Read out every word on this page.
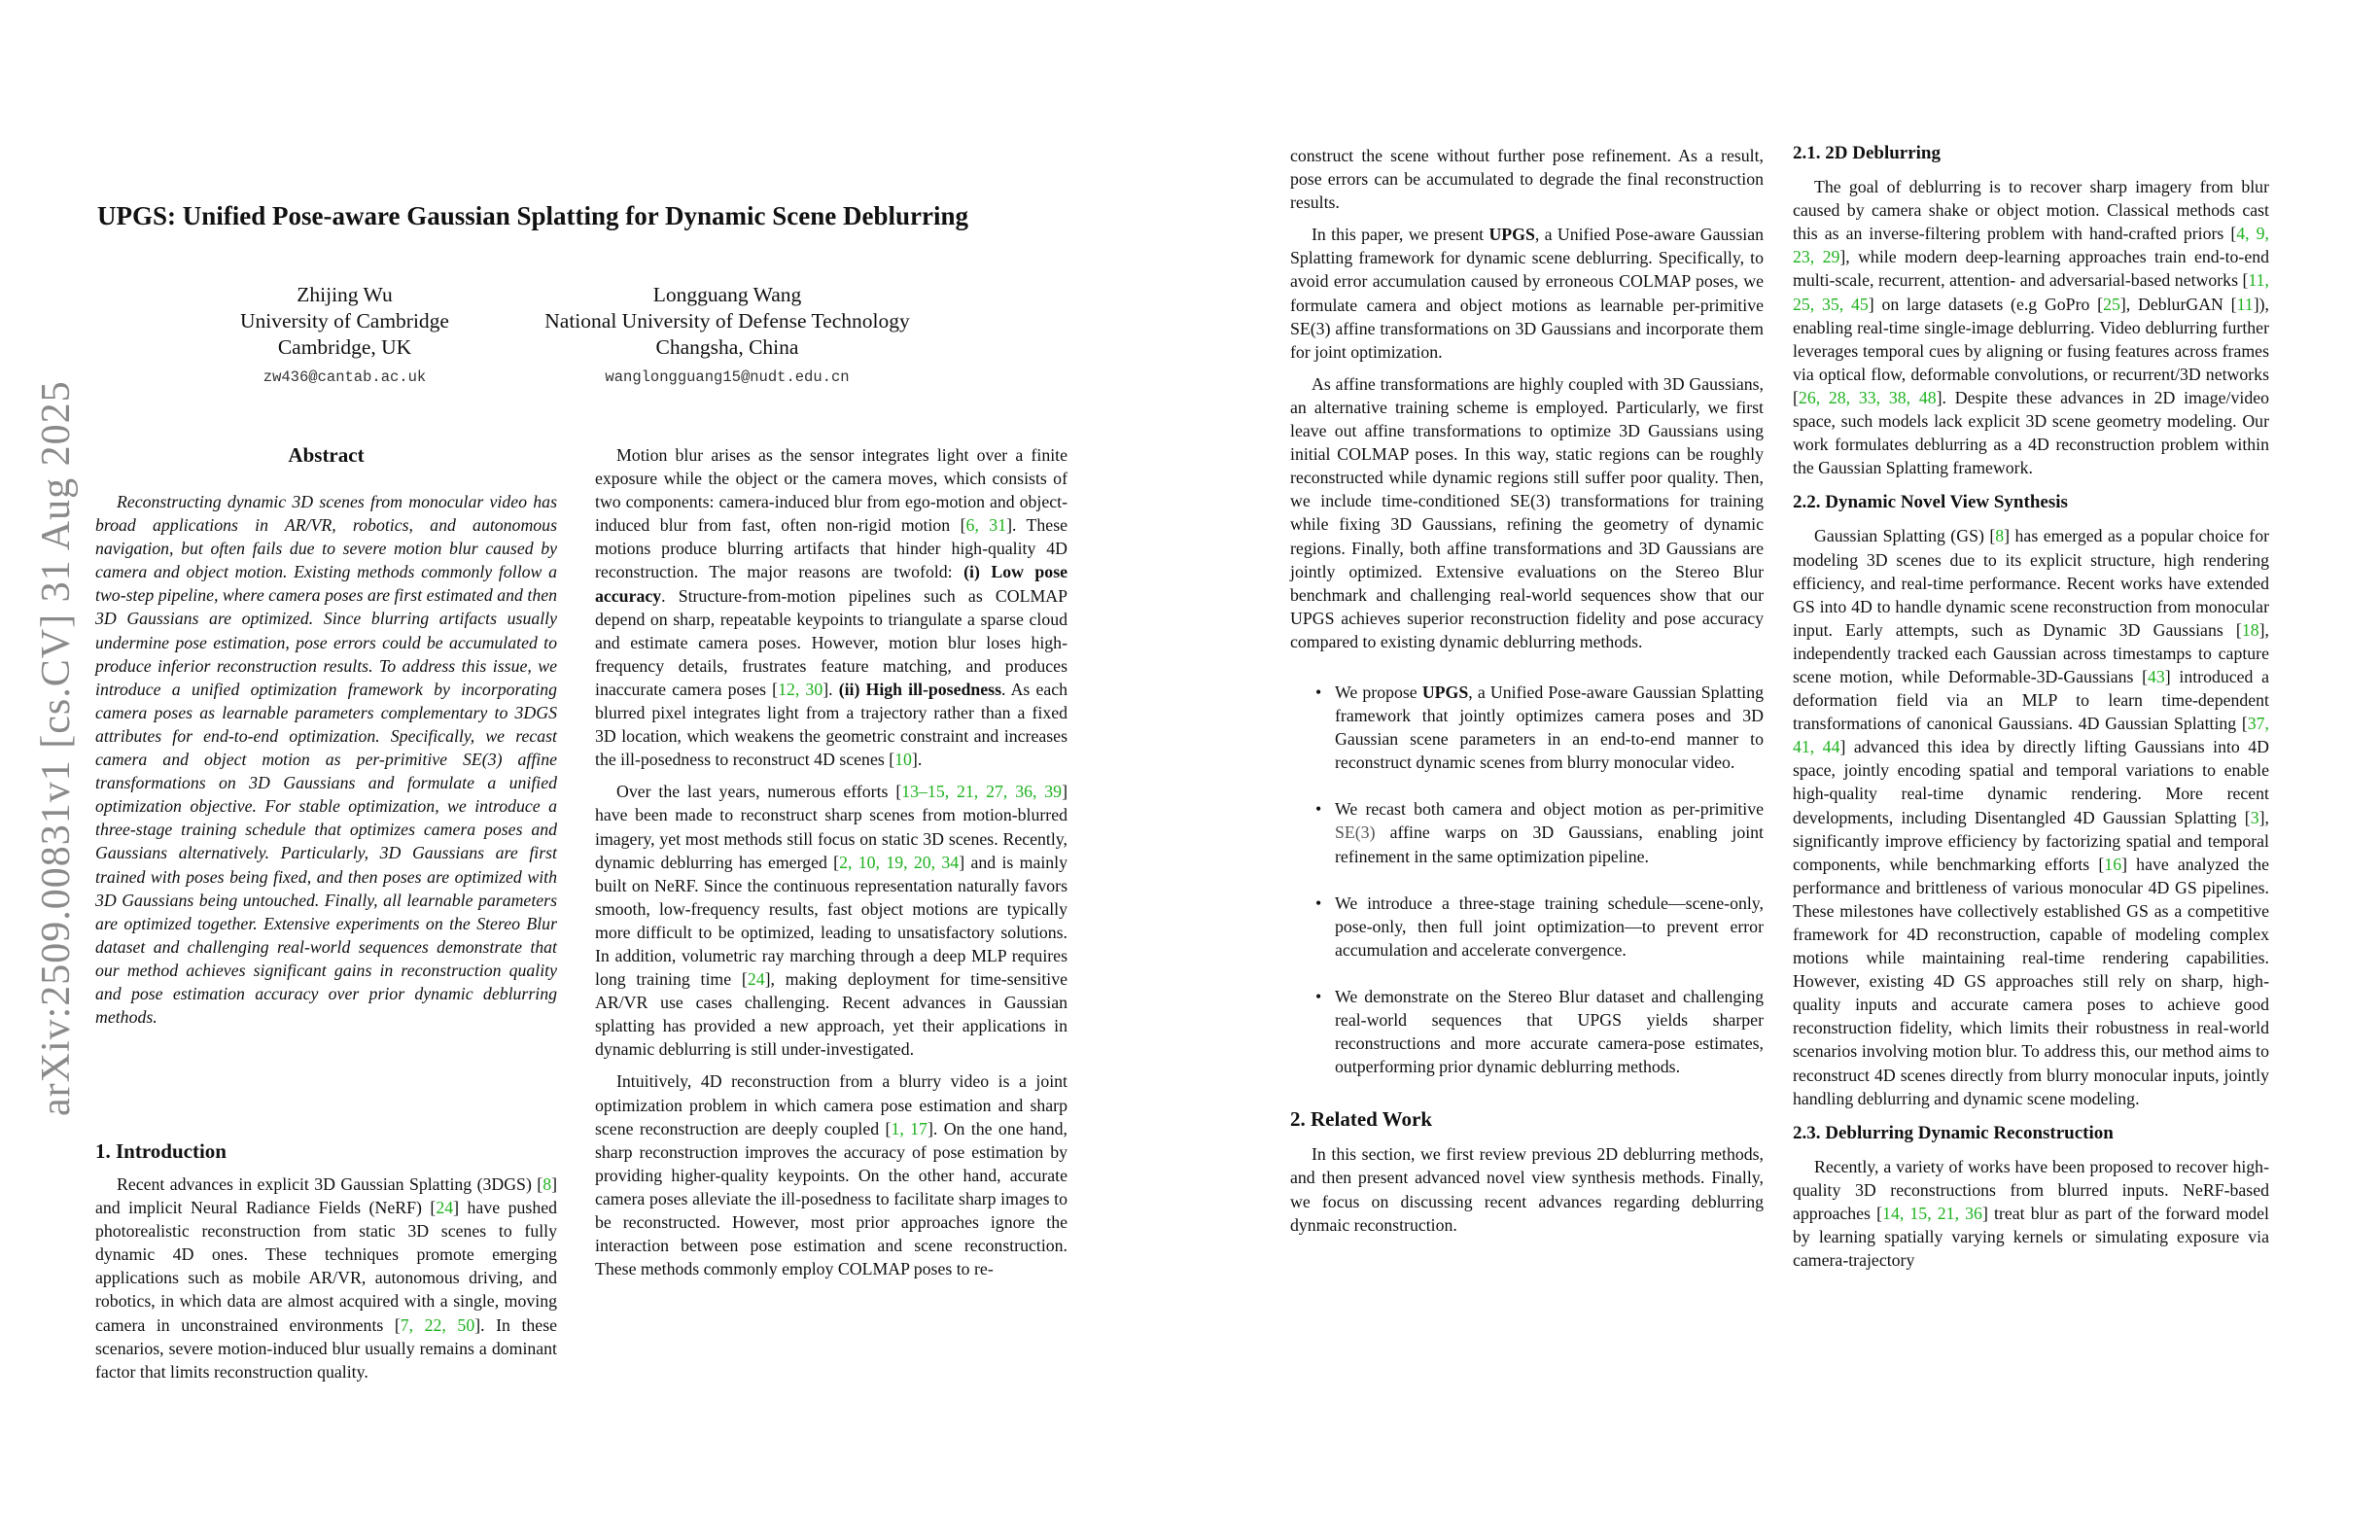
arXiv:2509.00831v1 [cs.CV] 31 Aug 2025
UPGS: Unified Pose-aware Gaussian Splatting for Dynamic Scene Deblurring
Zhijing Wu
University of Cambridge
Cambridge, UK
zw436@cantab.ac.uk
Longguang Wang
National University of Defense Technology
Changsha, China
wanglongguang15@nudt.edu.cn
Abstract

Reconstructing dynamic 3D scenes from monocular video has broad applications in AR/VR, robotics, and autonomous navigation, but often fails due to severe motion blur caused by camera and object motion. Existing methods commonly follow a two-step pipeline, where camera poses are first estimated and then 3D Gaussians are optimized. Since blurring artifacts usually undermine pose estimation, pose errors could be accumulated to produce inferior reconstruction results. To address this issue, we introduce a unified optimization framework by incorporating camera poses as learnable parameters complementary to 3DGS attributes for end-to-end optimization. Specifically, we recast camera and object motion as per-primitive SE(3) affine transformations on 3D Gaussians and formulate a unified optimization objective. For stable optimization, we introduce a three-stage training schedule that optimizes camera poses and Gaussians alternatively. Particularly, 3D Gaussians are first trained with poses being fixed, and then poses are optimized with 3D Gaussians being untouched. Finally, all learnable parameters are optimized together. Extensive experiments on the Stereo Blur dataset and challenging real-world sequences demonstrate that our method achieves significant gains in reconstruction quality and pose estimation accuracy over prior dynamic deblurring methods.

1. Introduction

Recent advances in explicit 3D Gaussian Splatting (3DGS) [8] and implicit Neural Radiance Fields (NeRF) [24] have pushed photorealistic reconstruction from static 3D scenes to fully dynamic 4D ones. These techniques promote emerging applications such as mobile AR/VR, autonomous driving, and robotics, in which data are almost acquired with a single, moving camera in unconstrained environments [7, 22, 50]. In these scenarios, severe motion-induced blur usually remains a dominant factor that limits reconstruction quality.

Motion blur arises as the sensor integrates light over a finite exposure while the object or the camera moves, which consists of two components: camera-induced blur from ego-motion and object-induced blur from fast, often non-rigid motion [6, 31]. These motions produce blurring artifacts that hinder high-quality 4D reconstruction. The major reasons are twofold: (i) Low pose accuracy. Structure-from-motion pipelines such as COLMAP depend on sharp, repeatable keypoints to triangulate a sparse cloud and estimate camera poses. However, motion blur loses high-frequency details, frustrates feature matching, and produces inaccurate camera poses [12, 30]. (ii) High ill-posedness. As each blurred pixel integrates light from a trajectory rather than a fixed 3D location, which weakens the geometric constraint and increases the ill-posedness to reconstruct 4D scenes [10].

Over the last years, numerous efforts [13–15, 21, 27, 36, 39] have been made to reconstruct sharp scenes from motion-blurred imagery, yet most methods still focus on static 3D scenes. Recently, dynamic deblurring has emerged [2, 10, 19, 20, 34] and is mainly built on NeRF. Since the continuous representation naturally favors smooth, low-frequency results, fast object motions are typically more difficult to be optimized, leading to unsatisfactory solutions. In addition, volumetric ray marching through a deep MLP requires long training time [24], making deployment for time-sensitive AR/VR use cases challenging. Recent advances in Gaussian splatting has provided a new approach, yet their applications in dynamic deblurring is still under-investigated.

Intuitively, 4D reconstruction from a blurry video is a joint optimization problem in which camera pose estimation and sharp scene reconstruction are deeply coupled [1, 17]. On the one hand, sharp reconstruction improves the accuracy of pose estimation by providing higher-quality keypoints. On the other hand, accurate camera poses alleviate the ill-posedness to facilitate sharp images to be reconstructed. However, most prior approaches ignore the interaction between pose estimation and scene reconstruction. These methods commonly employ COLMAP poses to re-

construct the scene without further pose refinement. As a result, pose errors can be accumulated to degrade the final reconstruction results.

In this paper, we present UPGS, a Unified Pose-aware Gaussian Splatting framework for dynamic scene deblurring. Specifically, to avoid error accumulation caused by erroneous COLMAP poses, we formulate camera and object motions as learnable per-primitive SE(3) affine transformations on 3D Gaussians and incorporate them for joint optimization.

As affine transformations are highly coupled with 3D Gaussians, an alternative training scheme is employed. Particularly, we first leave out affine transformations to optimize 3D Gaussians using initial COLMAP poses. In this way, static regions can be roughly reconstructed while dynamic regions still suffer poor quality. Then, we include time-conditioned SE(3) transformations for training while fixing 3D Gaussians, refining the geometry of dynamic regions. Finally, both affine transformations and 3D Gaussians are jointly optimized. Extensive evaluations on the Stereo Blur benchmark and challenging real-world sequences show that our UPGS achieves superior reconstruction fidelity and pose accuracy compared to existing dynamic deblurring methods.

• We propose UPGS, a Unified Pose-aware Gaussian Splatting framework that jointly optimizes camera poses and 3D Gaussian scene parameters in an end-to-end manner to reconstruct dynamic scenes from blurry monocular video.
• We recast both camera and object motion as per-primitive SE(3) affine warps on 3D Gaussians, enabling joint refinement in the same optimization pipeline.
• We introduce a three-stage training schedule—scene-only, pose-only, then full joint optimization—to prevent error accumulation and accelerate convergence.
• We demonstrate on the Stereo Blur dataset and challenging real-world sequences that UPGS yields sharper reconstructions and more accurate camera-pose estimates, outperforming prior dynamic deblurring methods.
2. Related Work

In this section, we first review previous 2D deblurring methods, and then present advanced novel view synthesis methods. Finally, we focus on discussing recent advances regarding deblurring dynmaic reconstruction.

2.1. 2D Deblurring

The goal of deblurring is to recover sharp imagery from blur caused by camera shake or object motion. Classical methods cast this as an inverse-filtering problem with hand-crafted priors [4, 9, 23, 29], while modern deep-learning approaches train end-to-end multi-scale, recurrent, attention- and adversarial-based networks [11, 25, 35, 45] on large datasets (e.g GoPro [25], DeblurGAN [11]), enabling real-time single-image deblurring. Video deblurring further leverages temporal cues by aligning or fusing features across frames via optical flow, deformable convolutions, or recurrent/3D networks [26, 28, 33, 38, 48]. Despite these advances in 2D image/video space, such models lack explicit 3D scene geometry modeling. Our work formulates deblurring as a 4D reconstruction problem within the Gaussian Splatting framework.

2.2. Dynamic Novel View Synthesis

Gaussian Splatting (GS) [8] has emerged as a popular choice for modeling 3D scenes due to its explicit structure, high rendering efficiency, and real-time performance. Recent works have extended GS into 4D to handle dynamic scene reconstruction from monocular input. Early attempts, such as Dynamic 3D Gaussians [18], independently tracked each Gaussian across timestamps to capture scene motion, while Deformable-3D-Gaussians [43] introduced a deformation field via an MLP to learn time-dependent transformations of canonical Gaussians. 4D Gaussian Splatting [37, 41, 44] advanced this idea by directly lifting Gaussians into 4D space, jointly encoding spatial and temporal variations to enable high-quality real-time dynamic rendering. More recent developments, including Disentangled 4D Gaussian Splatting [3], significantly improve efficiency by factorizing spatial and temporal components, while benchmarking efforts [16] have analyzed the performance and brittleness of various monocular 4D GS pipelines. These milestones have collectively established GS as a competitive framework for 4D reconstruction, capable of modeling complex motions while maintaining real-time rendering capabilities. However, existing 4D GS approaches still rely on sharp, high-quality inputs and accurate camera poses to achieve good reconstruction fidelity, which limits their robustness in real-world scenarios involving motion blur. To address this, our method aims to reconstruct 4D scenes directly from blurry monocular inputs, jointly handling deblurring and dynamic scene modeling.

2.3. Deblurring Dynamic Reconstruction

Recently, a variety of works have been proposed to recover high-quality 3D reconstructions from blurred inputs. NeRF-based approaches [14, 15, 21, 36] treat blur as part of the forward model by learning spatially varying kernels or simulating exposure via camera-trajectory
